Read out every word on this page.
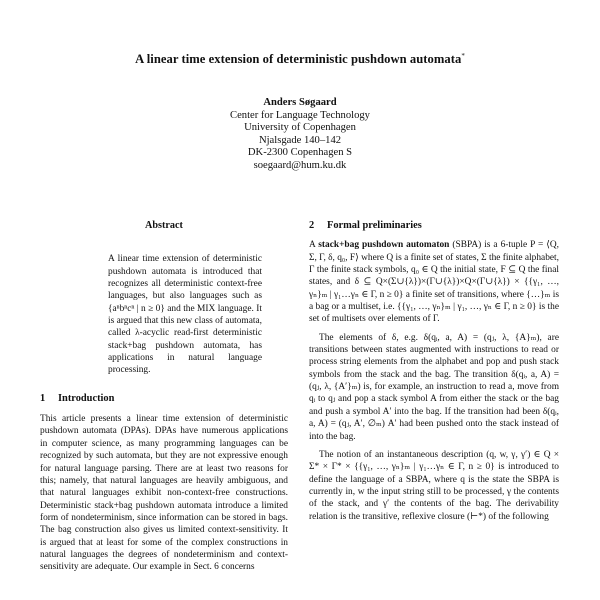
A linear time extension of deterministic pushdown automata*
Anders Søgaard
Center for Language Technology
University of Copenhagen
Njalsgade 140–142
DK-2300 Copenhagen S
soegaard@hum.ku.dk
Abstract

A linear time extension of deterministic pushdown automata is introduced that recognizes all deterministic context-free languages, but also languages such as {aⁿbⁿcⁿ | n ≥ 0} and the MIX language. It is argued that this new class of automata, called λ-acyclic read-first deterministic stack+bag pushdown automata, has applications in natural language processing.

1 Introduction

This article presents a linear time extension of deterministic pushdown automata (DPAs). DPAs have numerous applications in computer science, as many programming languages can be recognized by such automata, but they are not expressive enough for natural language parsing. There are at least two reasons for this; namely, that natural languages are heavily ambiguous, and that natural languages exhibit non-context-free constructions. Deterministic stack+bag pushdown automata introduce a limited form of nondeterminism, since information can be stored in bags. The bag construction also gives us limited context-sensitivity. It is argued that at least for some of the complex constructions in natural languages the degrees of nondeterminism and context-sensitivity are adequate. Our example in Sect. 6 concerns

2 Formal preliminaries

A stack+bag pushdown automaton (SBPA) is a 6-tuple P = ⟨Q, Σ, Γ, δ, q₀, F⟩ where Q is a finite set of states, Σ the finite alphabet, Γ the finite stack symbols, q₀ ∈ Q the initial state, F ⊆ Q the final states, and δ ⊆ Q×(Σ∪{λ})×(Γ∪{λ})×Q×(Γ∪{λ}) × {{γ₁, …, γₙ}ₘ | γ₁…γₙ ∈ Γ, n ≥ 0} a finite set of transitions, where {…}ₘ is a bag or a multiset, i.e. {{γ₁, …, γₙ}ₘ | γ₁, …, γₙ ∈ Γ, n ≥ 0} is the set of multisets over elements of Γ.

The elements of δ, e.g. δ(qᵢ, a, A) = (qⱼ, λ, {A}ₘ), are transitions between states augmented with instructions to read or process string elements from the alphabet and pop and push stack symbols from the stack and the bag. The transition δ(qᵢ, a, A) = (qⱼ, λ, {A′}ₘ) is, for example, an instruction to read a, move from qᵢ to qⱼ and pop a stack symbol A from either the stack or the bag and push a symbol A′ into the bag. If the transition had been δ(qᵢ, a, A) = (qⱼ, A′, ∅ₘ) A′ had been pushed onto the stack instead of into the bag.

The notion of an instantaneous description (q, w, γ, γ′) ∈ Q × Σ* × Γ* × {{γ₁, …, γₙ}ₘ | γ₁…γₙ ∈ Γ, n ≥ 0} is introduced to define the language of a SBPA, where q is the state the SBPA is currently in, w the input string still to be processed, γ the contents of the stack, and γ′ the contents of the bag. The derivability relation is the transitive, reflexive closure (⊢*) of the following
